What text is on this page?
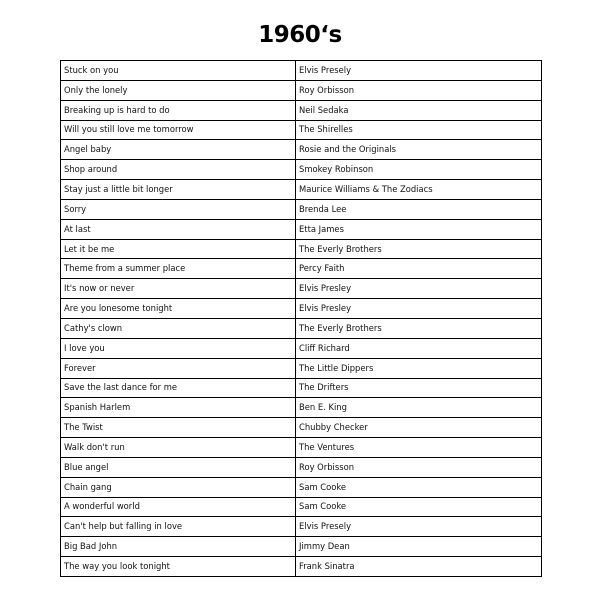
1960‘s
Stuck on you	Elvis Presely
Only the lonely	Roy Orbisson
Breaking up is hard to do	Neil Sedaka
Will you still love me tomorrow	The Shirelles
Angel baby	Rosie and the Originals
Shop around	Smokey Robinson
Stay just a little bit longer	Maurice Williams & The Zodiacs
Sorry	Brenda Lee
At last	Etta James
Let it be me	The Everly Brothers
Theme from a summer place	Percy Faith
It's now or never	Elvis Presley
Are you lonesome tonight	Elvis Presley
Cathy's clown	The Everly Brothers
I love you	Cliff Richard
Forever	The Little Dippers
Save the last dance for me	The Drifters
Spanish Harlem	Ben E. King
The Twist	Chubby Checker
Walk don't run	The Ventures
Blue angel	Roy Orbisson
Chain gang	Sam Cooke
A wonderful world	Sam Cooke
Can't help but falling in love	Elvis Presely
Big Bad John	Jimmy Dean
The way you look tonight	Frank Sinatra
